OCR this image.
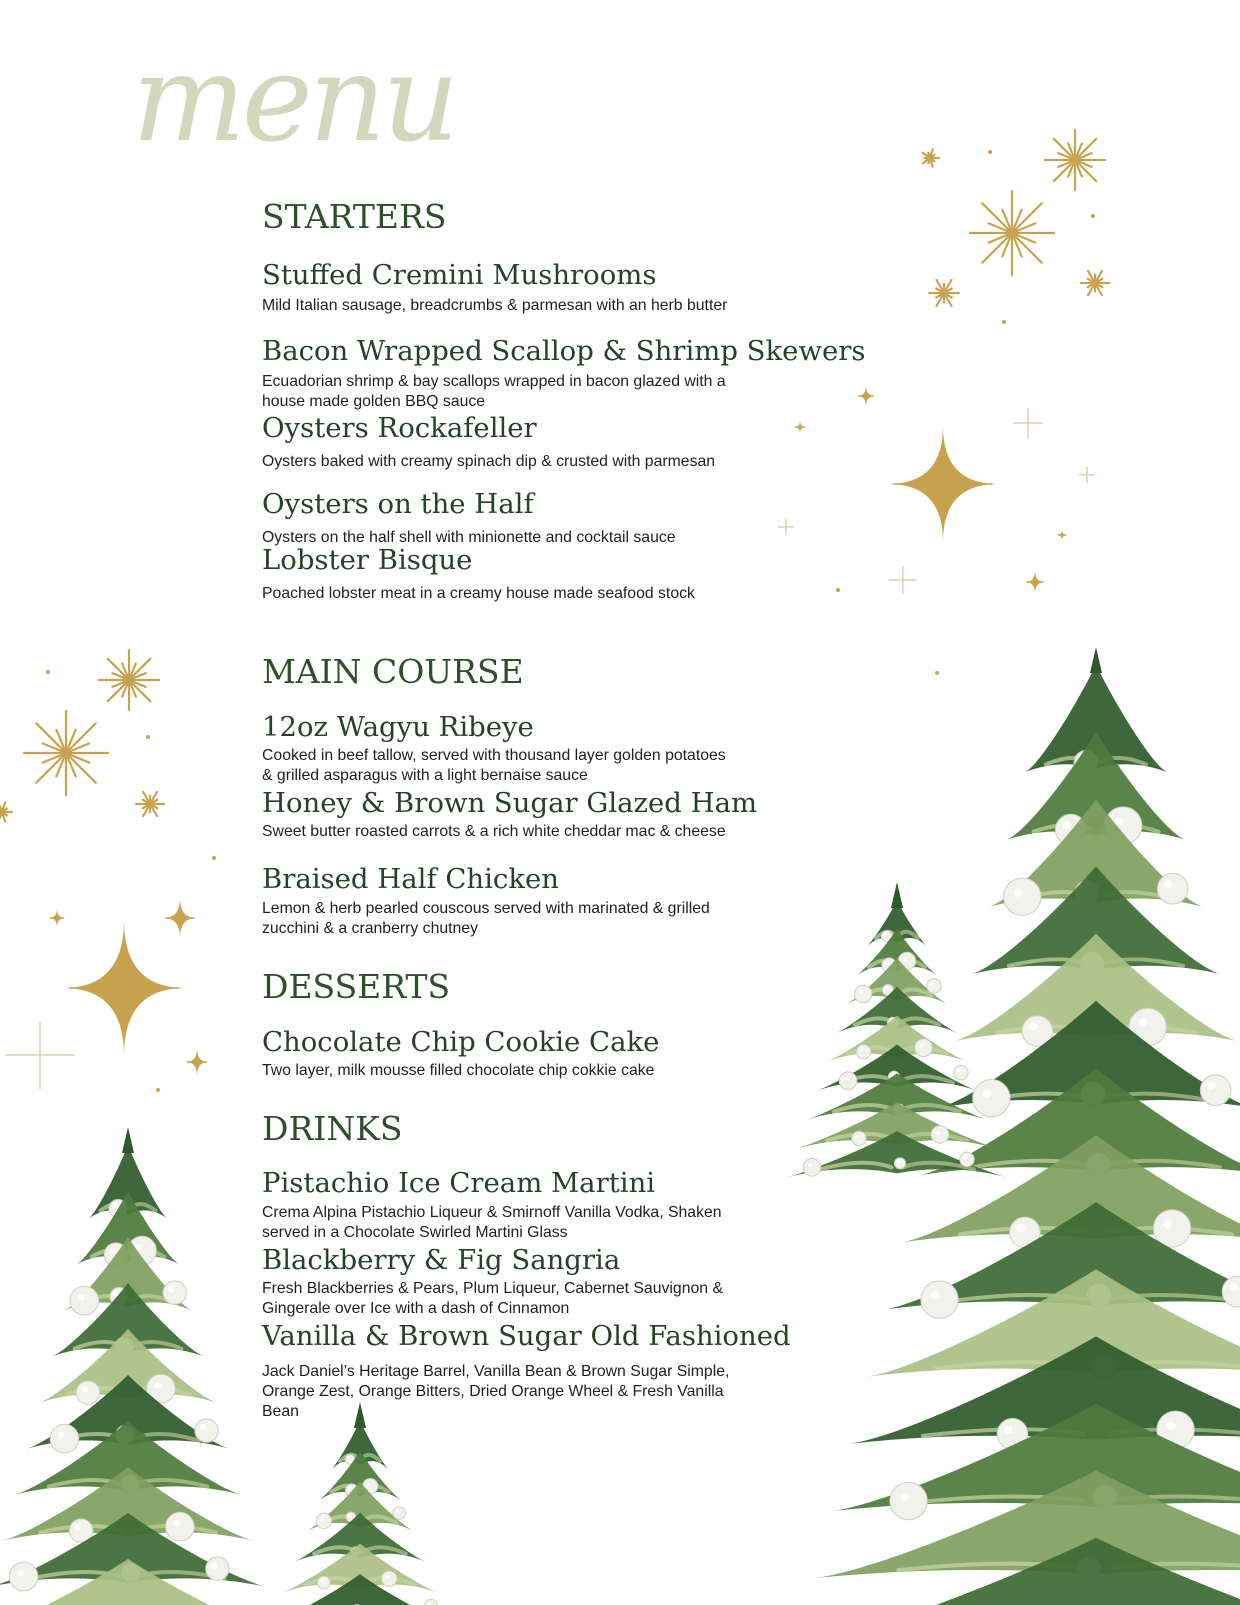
menu
STARTERS
Stuffed Cremini Mushrooms
Mild Italian sausage, breadcrumbs & parmesan with an herb butter
Bacon Wrapped Scallop & Shrimp Skewers
Ecuadorian shrimp & bay scallops wrapped in bacon glazed with a house made golden BBQ sauce
Oysters Rockafeller
Oysters baked with creamy spinach dip & crusted with parmesan
Oysters on the Half
Oysters on the half shell with minionette and cocktail sauce
Lobster Bisque
Poached lobster meat in a creamy house made seafood stock
MAIN COURSE
12oz Wagyu Ribeye
Cooked in beef tallow, served with thousand layer golden potatoes & grilled asparagus with a light bernaise sauce
Honey & Brown Sugar Glazed Ham
Sweet butter roasted carrots & a rich white cheddar mac & cheese
Braised Half Chicken
Lemon & herb pearled couscous served with marinated & grilled zucchini & a cranberry chutney
DESSERTS
Chocolate Chip Cookie Cake
Two layer, milk mousse filled chocolate chip cokkie cake
DRINKS
Pistachio Ice Cream Martini
Crema Alpina Pistachio Liqueur & Smirnoff Vanilla Vodka, Shaken served in a Chocolate Swirled Martini Glass
Blackberry & Fig Sangria
Fresh Blackberries & Pears, Plum Liqueur, Cabernet Sauvignon & Gingerale over Ice with a dash of Cinnamon
Vanilla & Brown Sugar Old Fashioned
Jack Daniel’s Heritage Barrel, Vanilla Bean & Brown Sugar Simple, Orange Zest, Orange Bitters, Dried Orange Wheel & Fresh Vanilla Bean
